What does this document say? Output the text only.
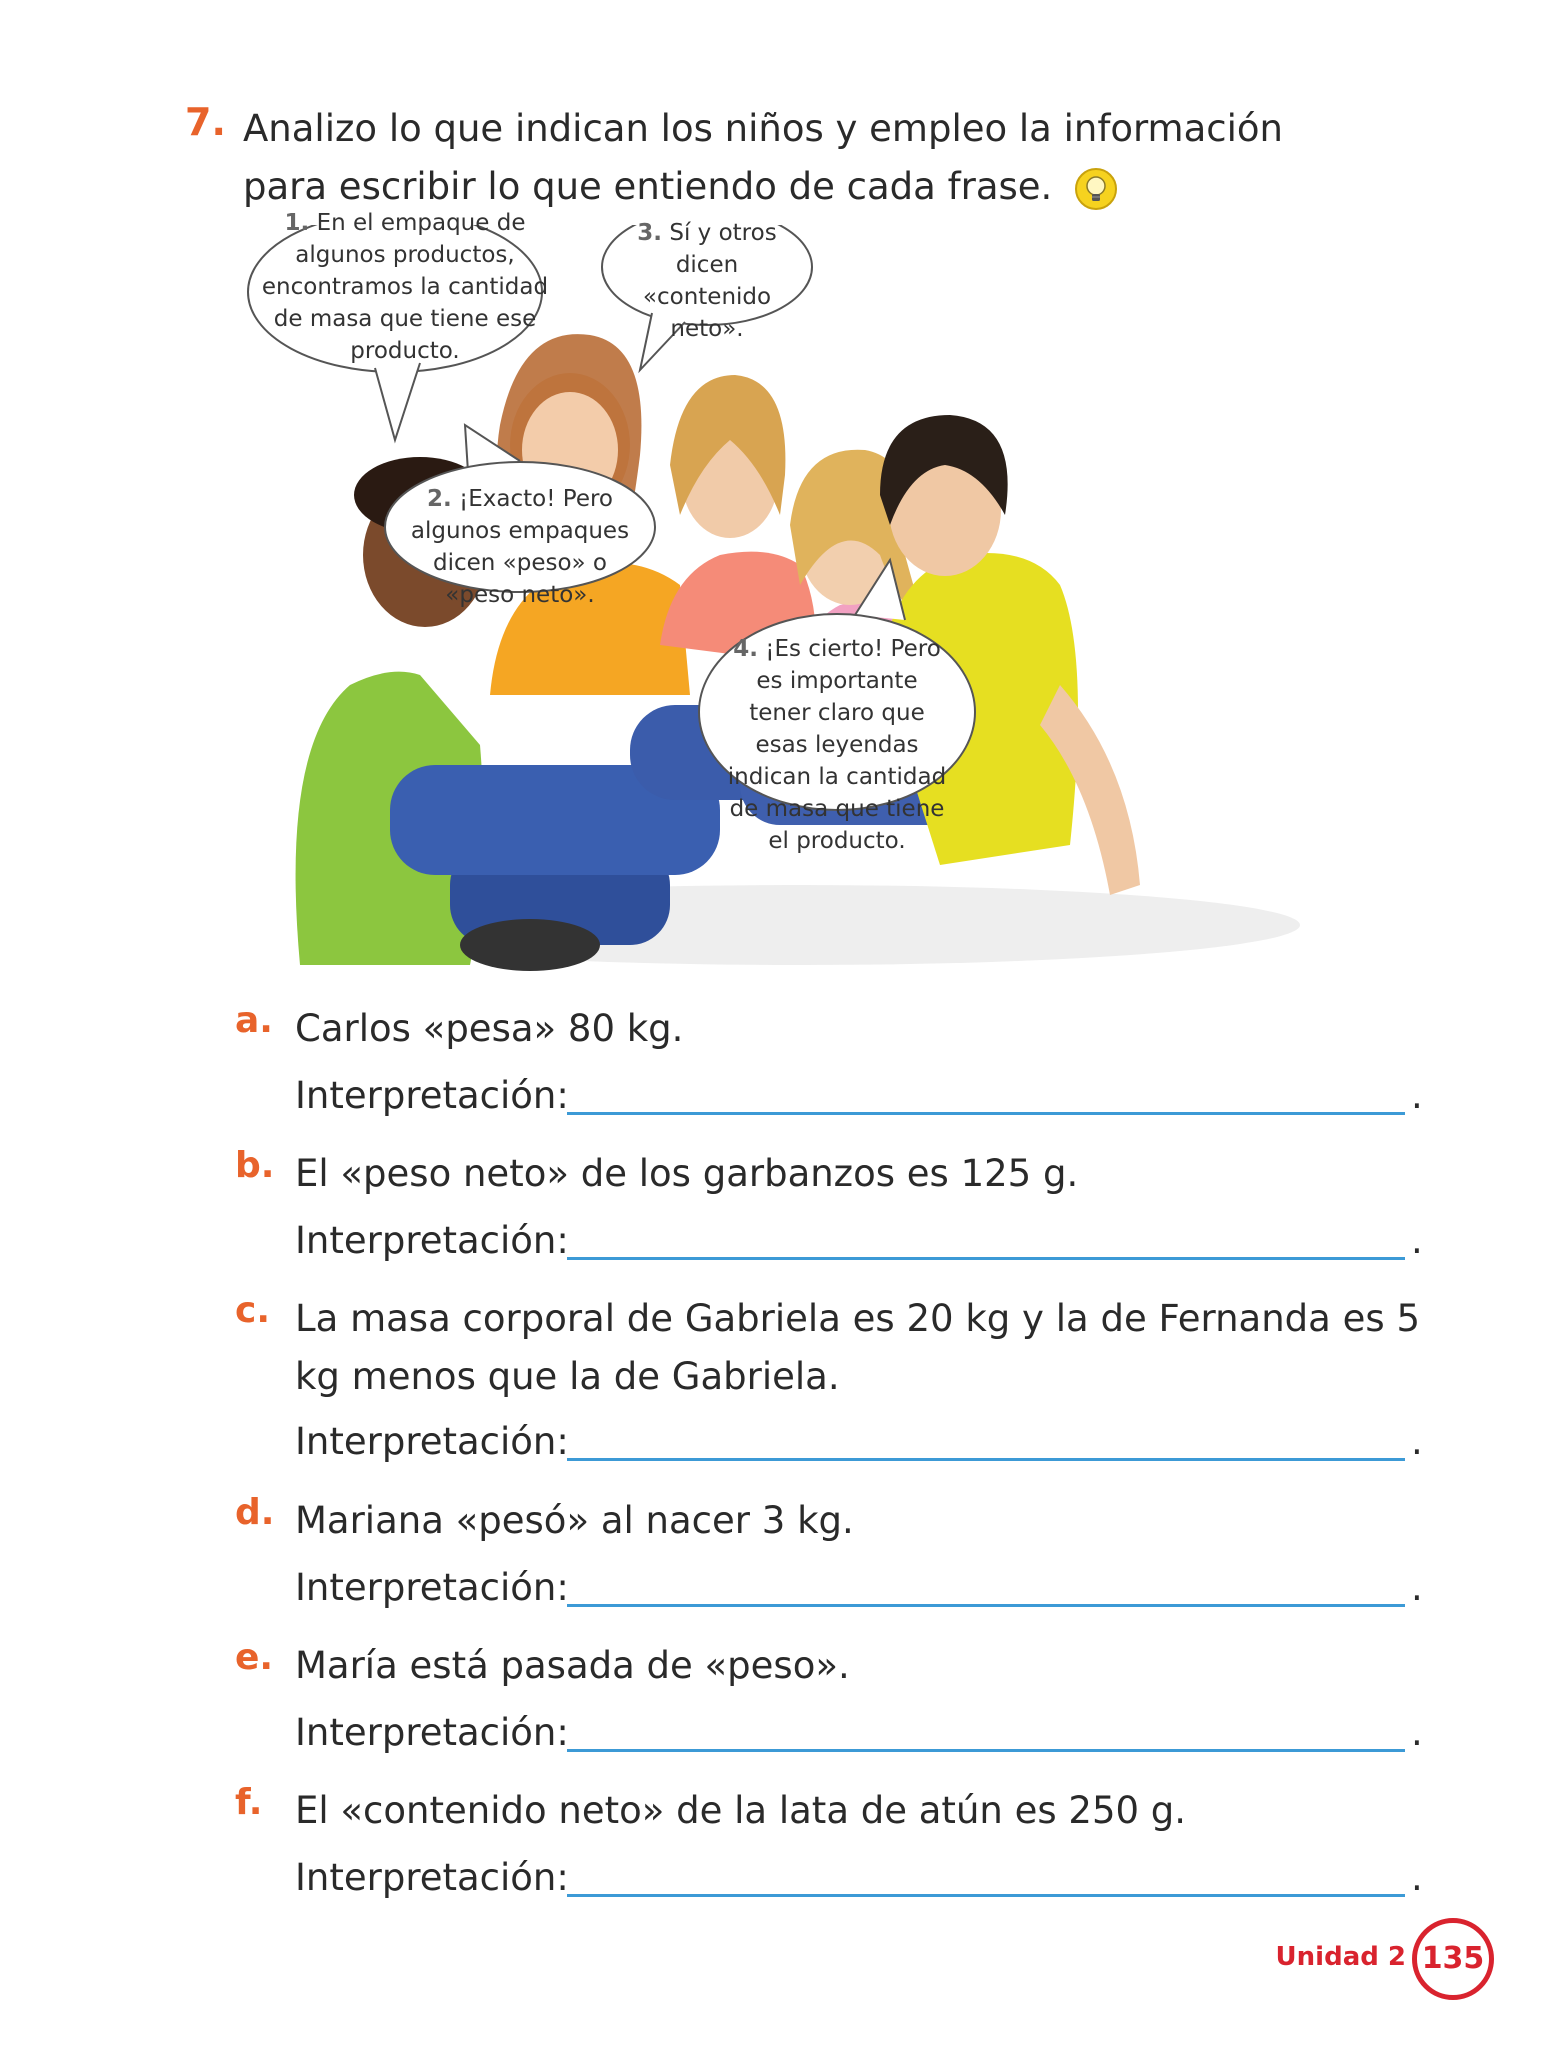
7. Analizo lo que indican los niños y empleo la información para escribir lo que entiendo de cada frase.
1. En el empaque de algunos productos, encontramos la cantidad de masa que tiene ese producto.
3. Sí y otros dicen «contenido neto».
2. ¡Exacto! Pero algunos empaques dicen «peso» o «peso neto».
4. ¡Es cierto! Pero es importante tener claro que esas leyendas indican la cantidad de masa que tiene el producto.
a. Carlos «pesa» 80 kg.
Interpretación:	.
b. El «peso neto» de los garbanzos es 125 g.
Interpretación:	.
c. La masa corporal de Gabriela es 20 kg y la de Fernanda es 5 kg menos que la de Gabriela.
Interpretación:	.
d. Mariana «pesó» al nacer 3 kg.
Interpretación:	.
e. María está pasada de «peso».
Interpretación:	.
f. El «contenido neto» de la lata de atún es 250 g.
Interpretación:	.
Unidad 2 135
